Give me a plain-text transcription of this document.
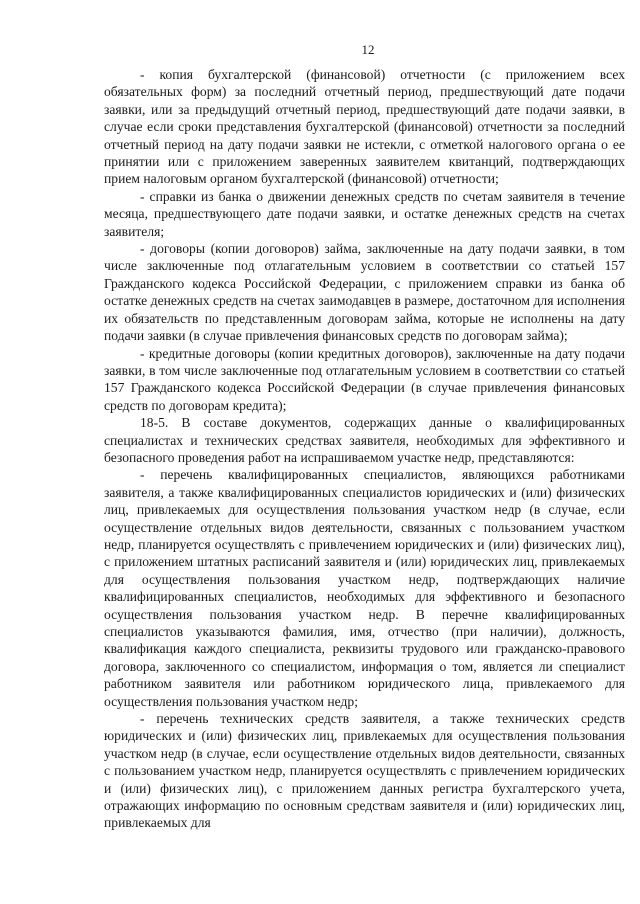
12

- копия бухгалтерской (финансовой) отчетности (с приложением всех обязательных форм) за последний отчетный период, предшествующий дате подачи заявки, или за предыдущий отчетный период, предшествующий дате подачи заявки, в случае если сроки представления бухгалтерской (финансовой) отчетности за последний отчетный период на дату подачи заявки не истекли, с отметкой налогового органа о ее принятии или с приложением заверенных заявителем квитанций, подтверждающих прием налоговым органом бухгалтерской (финансовой) отчетности;

- справки из банка о движении денежных средств по счетам заявителя в течение месяца, предшествующего дате подачи заявки, и остатке денежных средств на счетах заявителя;

- договоры (копии договоров) займа, заключенные на дату подачи заявки, в том числе заключенные под отлагательным условием в соответствии со статьей 157 Гражданского кодекса Российской Федерации, с приложением справки из банка об остатке денежных средств на счетах заимодавцев в размере, достаточном для исполнения их обязательств по представленным договорам займа, которые не исполнены на дату подачи заявки (в случае привлечения финансовых средств по договорам займа);

- кредитные договоры (копии кредитных договоров), заключенные на дату подачи заявки, в том числе заключенные под отлагательным условием в соответствии со статьей 157 Гражданского кодекса Российской Федерации (в случае привлечения финансовых средств по договорам кредита);

18-5. В составе документов, содержащих данные о квалифицированных специалистах и технических средствах заявителя, необходимых для эффективного и безопасного проведения работ на испрашиваемом участке недр, представляются:

- перечень квалифицированных специалистов, являющихся работниками заявителя, а также квалифицированных специалистов юридических и (или) физических лиц, привлекаемых для осуществления пользования участком недр (в случае, если осуществление отдельных видов деятельности, связанных с пользованием участком недр, планируется осуществлять с привлечением юридических и (или) физических лиц), с приложением штатных расписаний заявителя и (или) юридических лиц, привлекаемых для осуществления пользования участком недр, подтверждающих наличие квалифицированных специалистов, необходимых для эффективного и безопасного осуществления пользования участком недр. В перечне квалифицированных специалистов указываются фамилия, имя, отчество (при наличии), должность, квалификация каждого специалиста, реквизиты трудового или гражданско-правового договора, заключенного со специалистом, информация о том, является ли специалист работником заявителя или работником юридического лица, привлекаемого для осуществления пользования участком недр;

- перечень технических средств заявителя, а также технических средств юридических и (или) физических лиц, привлекаемых для осуществления пользования участком недр (в случае, если осуществление отдельных видов деятельности, связанных с пользованием участком недр, планируется осуществлять с привлечением юридических и (или) физических лиц), с приложением данных регистра бухгалтерского учета, отражающих информацию по основным средствам заявителя и (или) юридических лиц, привлекаемых для
